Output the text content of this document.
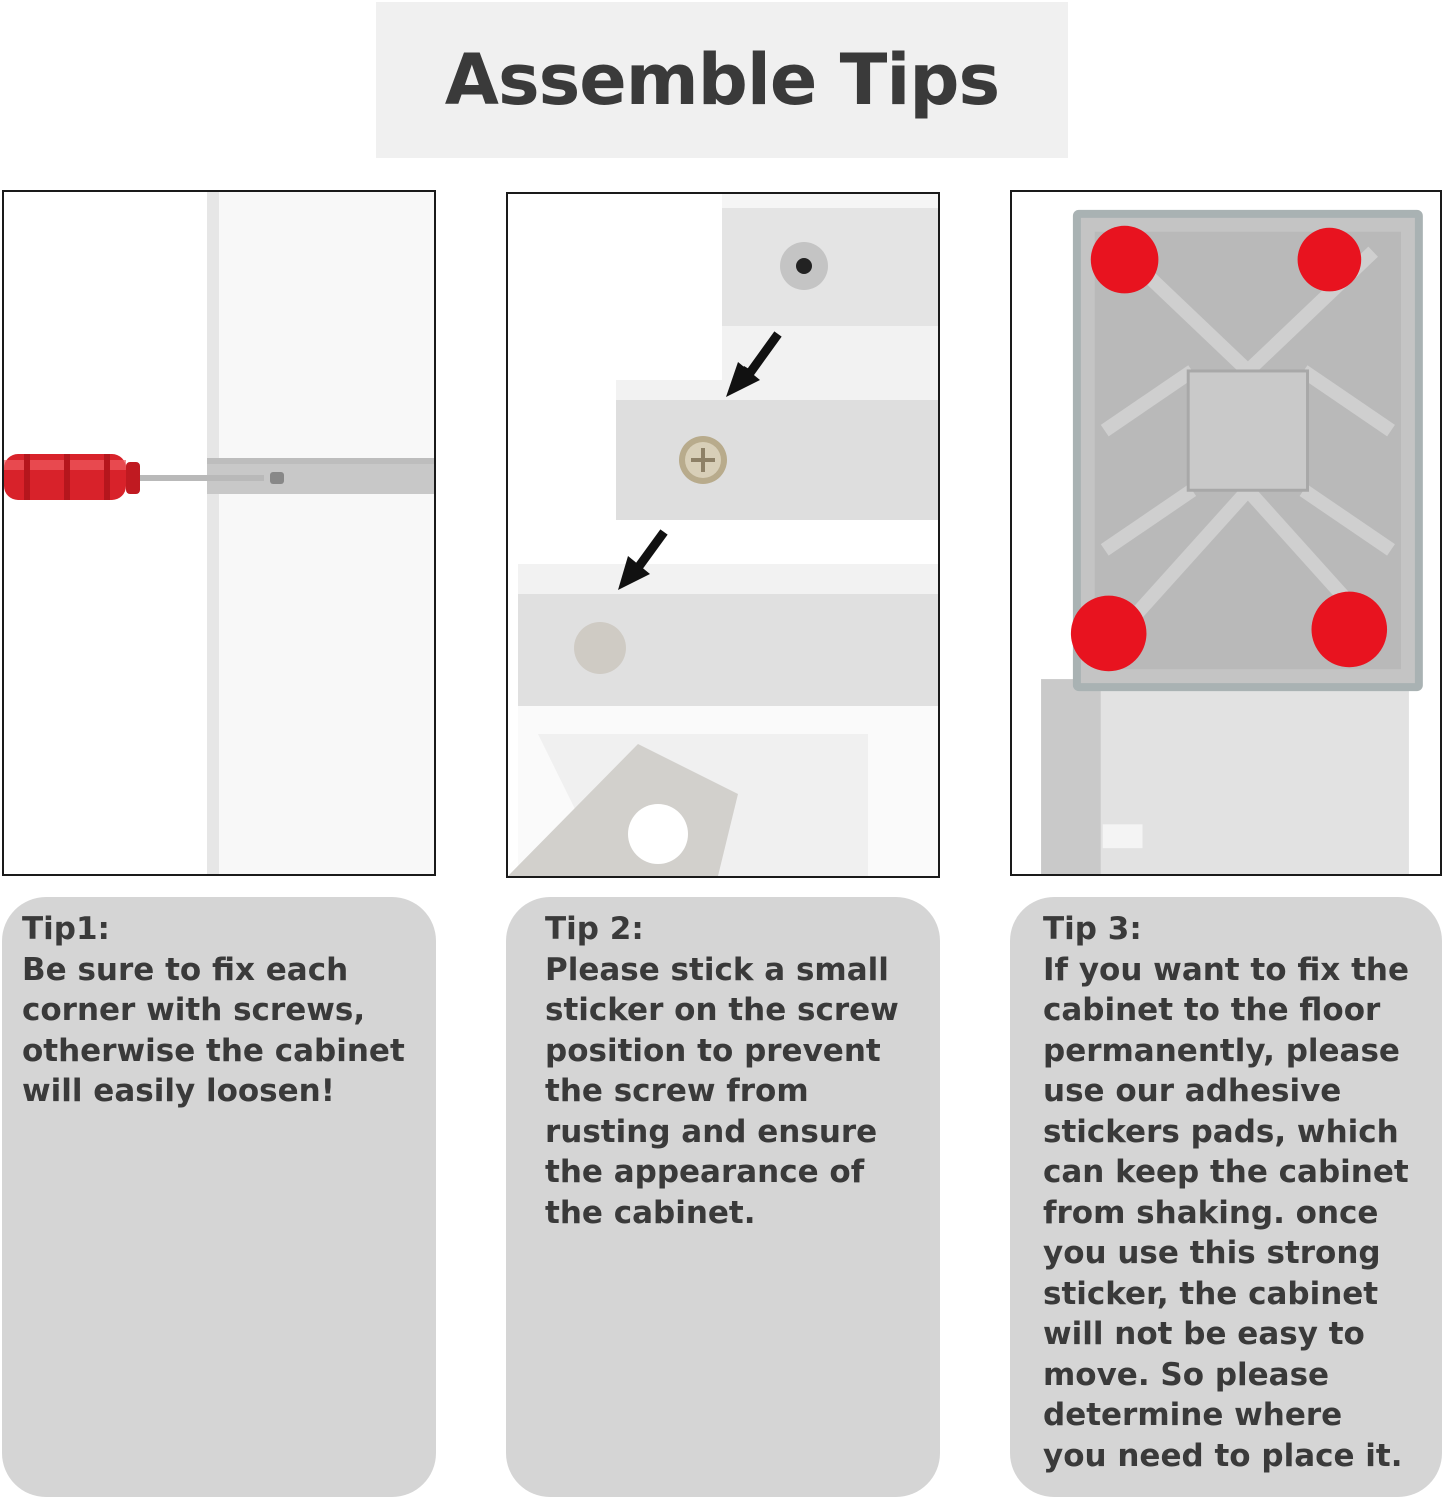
Assemble Tips
Tip1:
Be sure to fix each
corner with screws,
otherwise the cabinet
will easily loosen!
Tip 2:
Please stick a small
sticker on the screw
position to prevent
the screw from
rusting and ensure
the appearance of
the cabinet.
Tip 3:
If you want to fix the
cabinet to the floor
permanently, please
use our adhesive
stickers pads, which
can keep the cabinet
from shaking. once
you use this strong
sticker, the cabinet
will not be easy to
move. So please
determine where
you need to place it.
